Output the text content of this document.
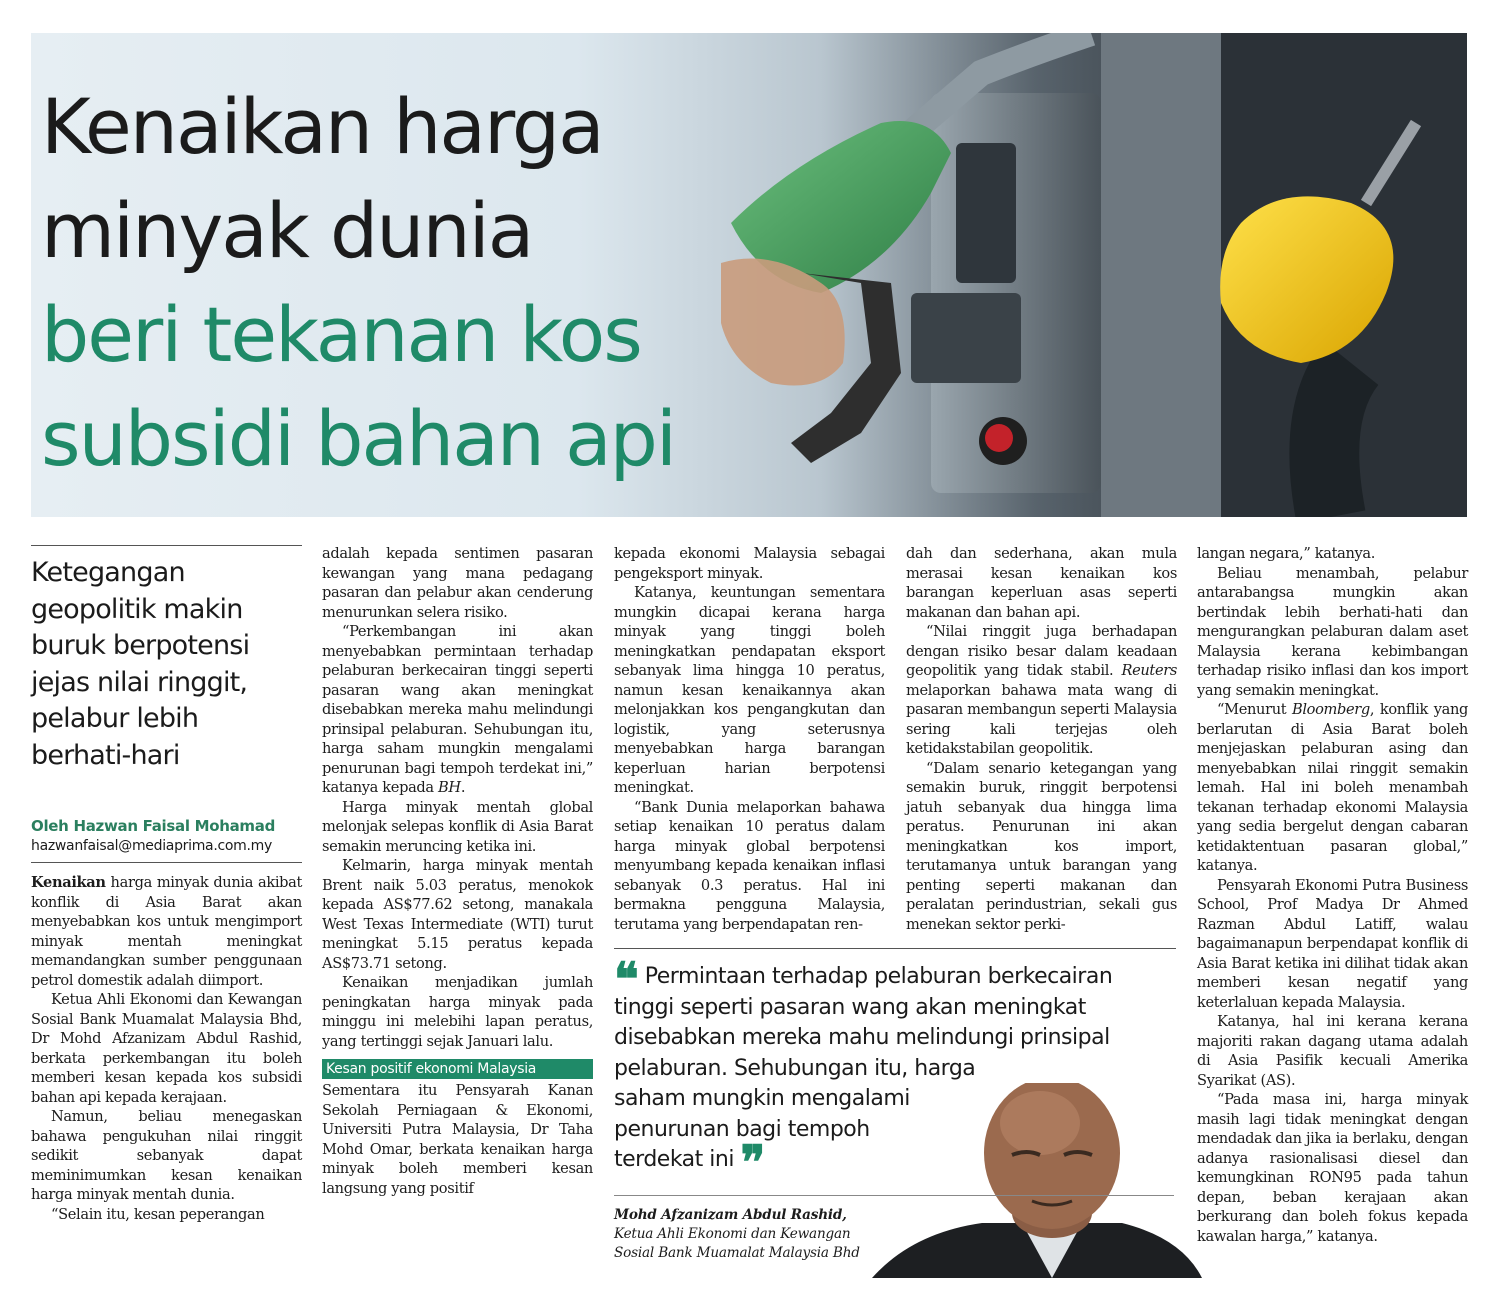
Kenaikan harga
minyak dunia
beri tekanan kos
subsidi bahan api
Ketegangan geopolitik makin buruk berpotensi jejas nilai ringgit, pelabur lebih berhati-hari
Oleh Hazwan Faisal Mohamad
hazwanfaisal@mediaprima.com.my

Kenaikan harga minyak dunia akibat konflik di Asia Barat akan menyebabkan kos untuk mengimport minyak mentah meningkat memandangkan sumber penggunaan petrol domestik adalah diimport.

Ketua Ahli Ekonomi dan Kewangan Sosial Bank Muamalat Malaysia Bhd, Dr Mohd Afzanizam Abdul Rashid, berkata perkembangan itu boleh memberi kesan kepada kos subsidi bahan api kepada kerajaan.

Namun, beliau menegaskan bahawa pengukuhan nilai ringgit sedikit sebanyak dapat meminimumkan kesan kenaikan harga minyak mentah dunia.

“Selain itu, kesan peperangan

adalah kepada sentimen pasaran kewangan yang mana pedagang pasaran dan pelabur akan cenderung menurunkan selera risiko.

“Perkembangan ini akan menyebabkan permintaan terhadap pelaburan berkecairan tinggi seperti pasaran wang akan meningkat disebabkan mereka mahu melindungi prinsipal pelaburan. Sehubungan itu, harga saham mungkin mengalami penurunan bagi tempoh terdekat ini,” katanya kepada BH.

Harga minyak mentah global melonjak selepas konflik di Asia Barat semakin meruncing ketika ini.

Kelmarin, harga minyak mentah Brent naik 5.03 peratus, menokok kepada AS$77.62 setong, manakala West Texas Intermediate (WTI) turut meningkat 5.15 peratus kepada AS$73.71 setong.

Kenaikan menjadikan jumlah peningkatan harga minyak pada minggu ini melebihi lapan peratus, yang tertinggi sejak Januari lalu.

Kesan positif ekonomi Malaysia

Sementara itu Pensyarah Kanan Sekolah Perniagaan & Ekonomi, Universiti Putra Malaysia, Dr Taha Mohd Omar, berkata kenaikan harga minyak boleh memberi kesan langsung yang positif

kepada ekonomi Malaysia sebagai pengeksport minyak.

Katanya, keuntungan sementara mungkin dicapai kerana harga minyak yang tinggi boleh meningkatkan pendapatan eksport sebanyak lima hingga 10 peratus, namun kesan kenaikannya akan melonjakkan kos pengangkutan dan logistik, yang seterusnya menyebabkan harga barangan keperluan harian berpotensi meningkat.

“Bank Dunia melaporkan bahawa setiap kenaikan 10 peratus dalam harga minyak global berpotensi menyumbang kepada kenaikan inflasi sebanyak 0.3 peratus. Hal ini bermakna pengguna Malaysia, terutama yang berpendapatan ren-

dah dan sederhana, akan mula merasai kesan kenaikan kos barangan keperluan asas seperti makanan dan bahan api.

“Nilai ringgit juga berhadapan dengan risiko besar dalam keadaan geopolitik yang tidak stabil. Reuters melaporkan bahawa mata wang di pasaran membangun seperti Malaysia sering kali terjejas oleh ketidakstabilan geopolitik.

“Dalam senario ketegangan yang semakin buruk, ringgit berpotensi jatuh sebanyak dua hingga lima peratus. Penurunan ini akan meningkatkan kos import, terutamanya untuk barangan yang penting seperti makanan dan peralatan perindustrian, sekali gus menekan sektor perki-

langan negara,” katanya.

Beliau menambah, pelabur antarabangsa mungkin akan bertindak lebih berhati-hati dan mengurangkan pelaburan dalam aset Malaysia kerana kebimbangan terhadap risiko inflasi dan kos import yang semakin meningkat.

“Menurut Bloomberg, konflik yang berlarutan di Asia Barat boleh menjejaskan pelaburan asing dan menyebabkan nilai ringgit semakin lemah. Hal ini boleh menambah tekanan terhadap ekonomi Malaysia yang sedia bergelut dengan cabaran ketidaktentuan pasaran global,” katanya.

Pensyarah Ekonomi Putra Business School, Prof Madya Dr Ahmed Razman Abdul Latiff, walau bagaimanapun berpendapat konflik di Asia Barat ketika ini dilihat tidak akan memberi kesan negatif yang keterlaluan kepada Malaysia.

Katanya, hal ini kerana kerana majoriti rakan dagang utama adalah di Asia Pasifik kecuali Amerika Syarikat (AS).

“Pada masa ini, harga minyak masih lagi tidak meningkat dengan mendadak dan jika ia berlaku, dengan adanya rasionalisasi diesel dan kemungkinan RON95 pada tahun depan, beban kerajaan akan berkurang dan boleh fokus kepada kawalan harga,” katanya.

❝ Permintaan terhadap pelaburan berkecairan
tinggi seperti pasaran wang akan meningkat
disebabkan mereka mahu melindungi prinsipal
pelaburan. Sehubungan itu, harga
saham mungkin mengalami
penurunan bagi tempoh
terdekat ini ❞
Mohd Afzanizam Abdul Rashid,
Ketua Ahli Ekonomi dan Kewangan
Sosial Bank Muamalat Malaysia Bhd
